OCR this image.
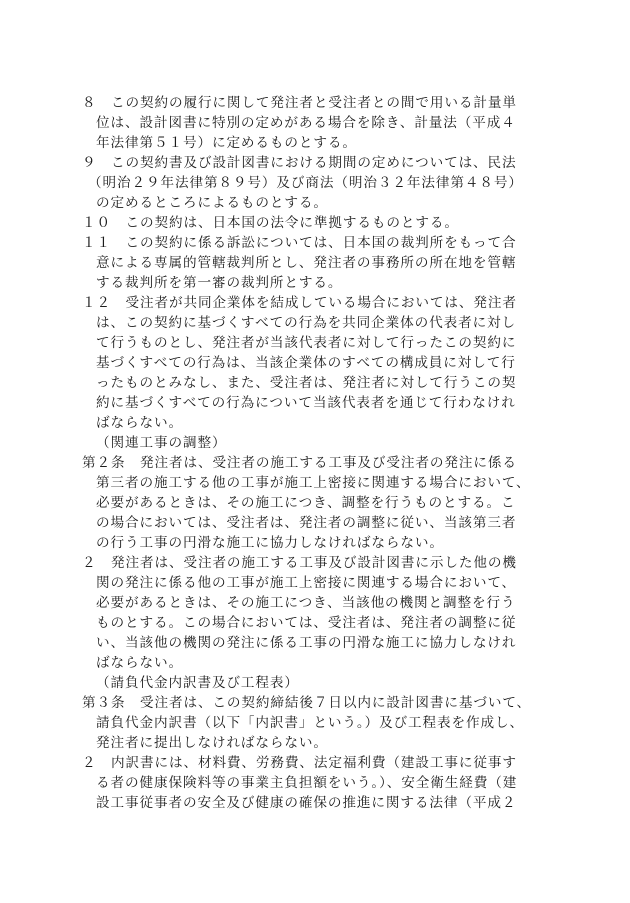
８　この契約の履行に関して発注者と受注者との間で用いる計量単
位は、設計図書に特別の定めがある場合を除き、計量法（平成４
年法律第５１号）に定めるものとする。
９　この契約書及び設計図書における期間の定めについては、民法
（明治２９年法律第８９号）及び商法（明治３２年法律第４８号）
の定めるところによるものとする。
１０　この契約は、日本国の法令に準拠するものとする。
１１　この契約に係る訴訟については、日本国の裁判所をもって合
意による専属的管轄裁判所とし、発注者の事務所の所在地を管轄
する裁判所を第一審の裁判所とする。
１２　受注者が共同企業体を結成している場合においては、発注者
は、この契約に基づくすべての行為を共同企業体の代表者に対し
て行うものとし、発注者が当該代表者に対して行ったこの契約に
基づくすべての行為は、当該企業体のすべての構成員に対して行
ったものとみなし、また、受注者は、発注者に対して行うこの契
約に基づくすべての行為について当該代表者を通じて行わなけれ
ばならない。
（関連工事の調整）
第２条　発注者は、受注者の施工する工事及び受注者の発注に係る
第三者の施工する他の工事が施工上密接に関連する場合において、
必要があるときは、その施工につき、調整を行うものとする。こ
の場合においては、受注者は、発注者の調整に従い、当該第三者
の行う工事の円滑な施工に協力しなければならない。
２　発注者は、受注者の施工する工事及び設計図書に示した他の機
関の発注に係る他の工事が施工上密接に関連する場合において、
必要があるときは、その施工につき、当該他の機関と調整を行う
ものとする。この場合においては、受注者は、発注者の調整に従
い、当該他の機関の発注に係る工事の円滑な施工に協力しなけれ
ばならない。
（請負代金内訳書及び工程表）
第３条　受注者は、この契約締結後７日以内に設計図書に基づいて、
請負代金内訳書（以下「内訳書」という。）及び工程表を作成し、
発注者に提出しなければならない。
２　内訳書には、材料費、労務費、法定福利費（建設工事に従事す
る者の健康保険料等の事業主負担額をいう。）、安全衛生経費（建
設工事従事者の安全及び健康の確保の推進に関する法律（平成２
